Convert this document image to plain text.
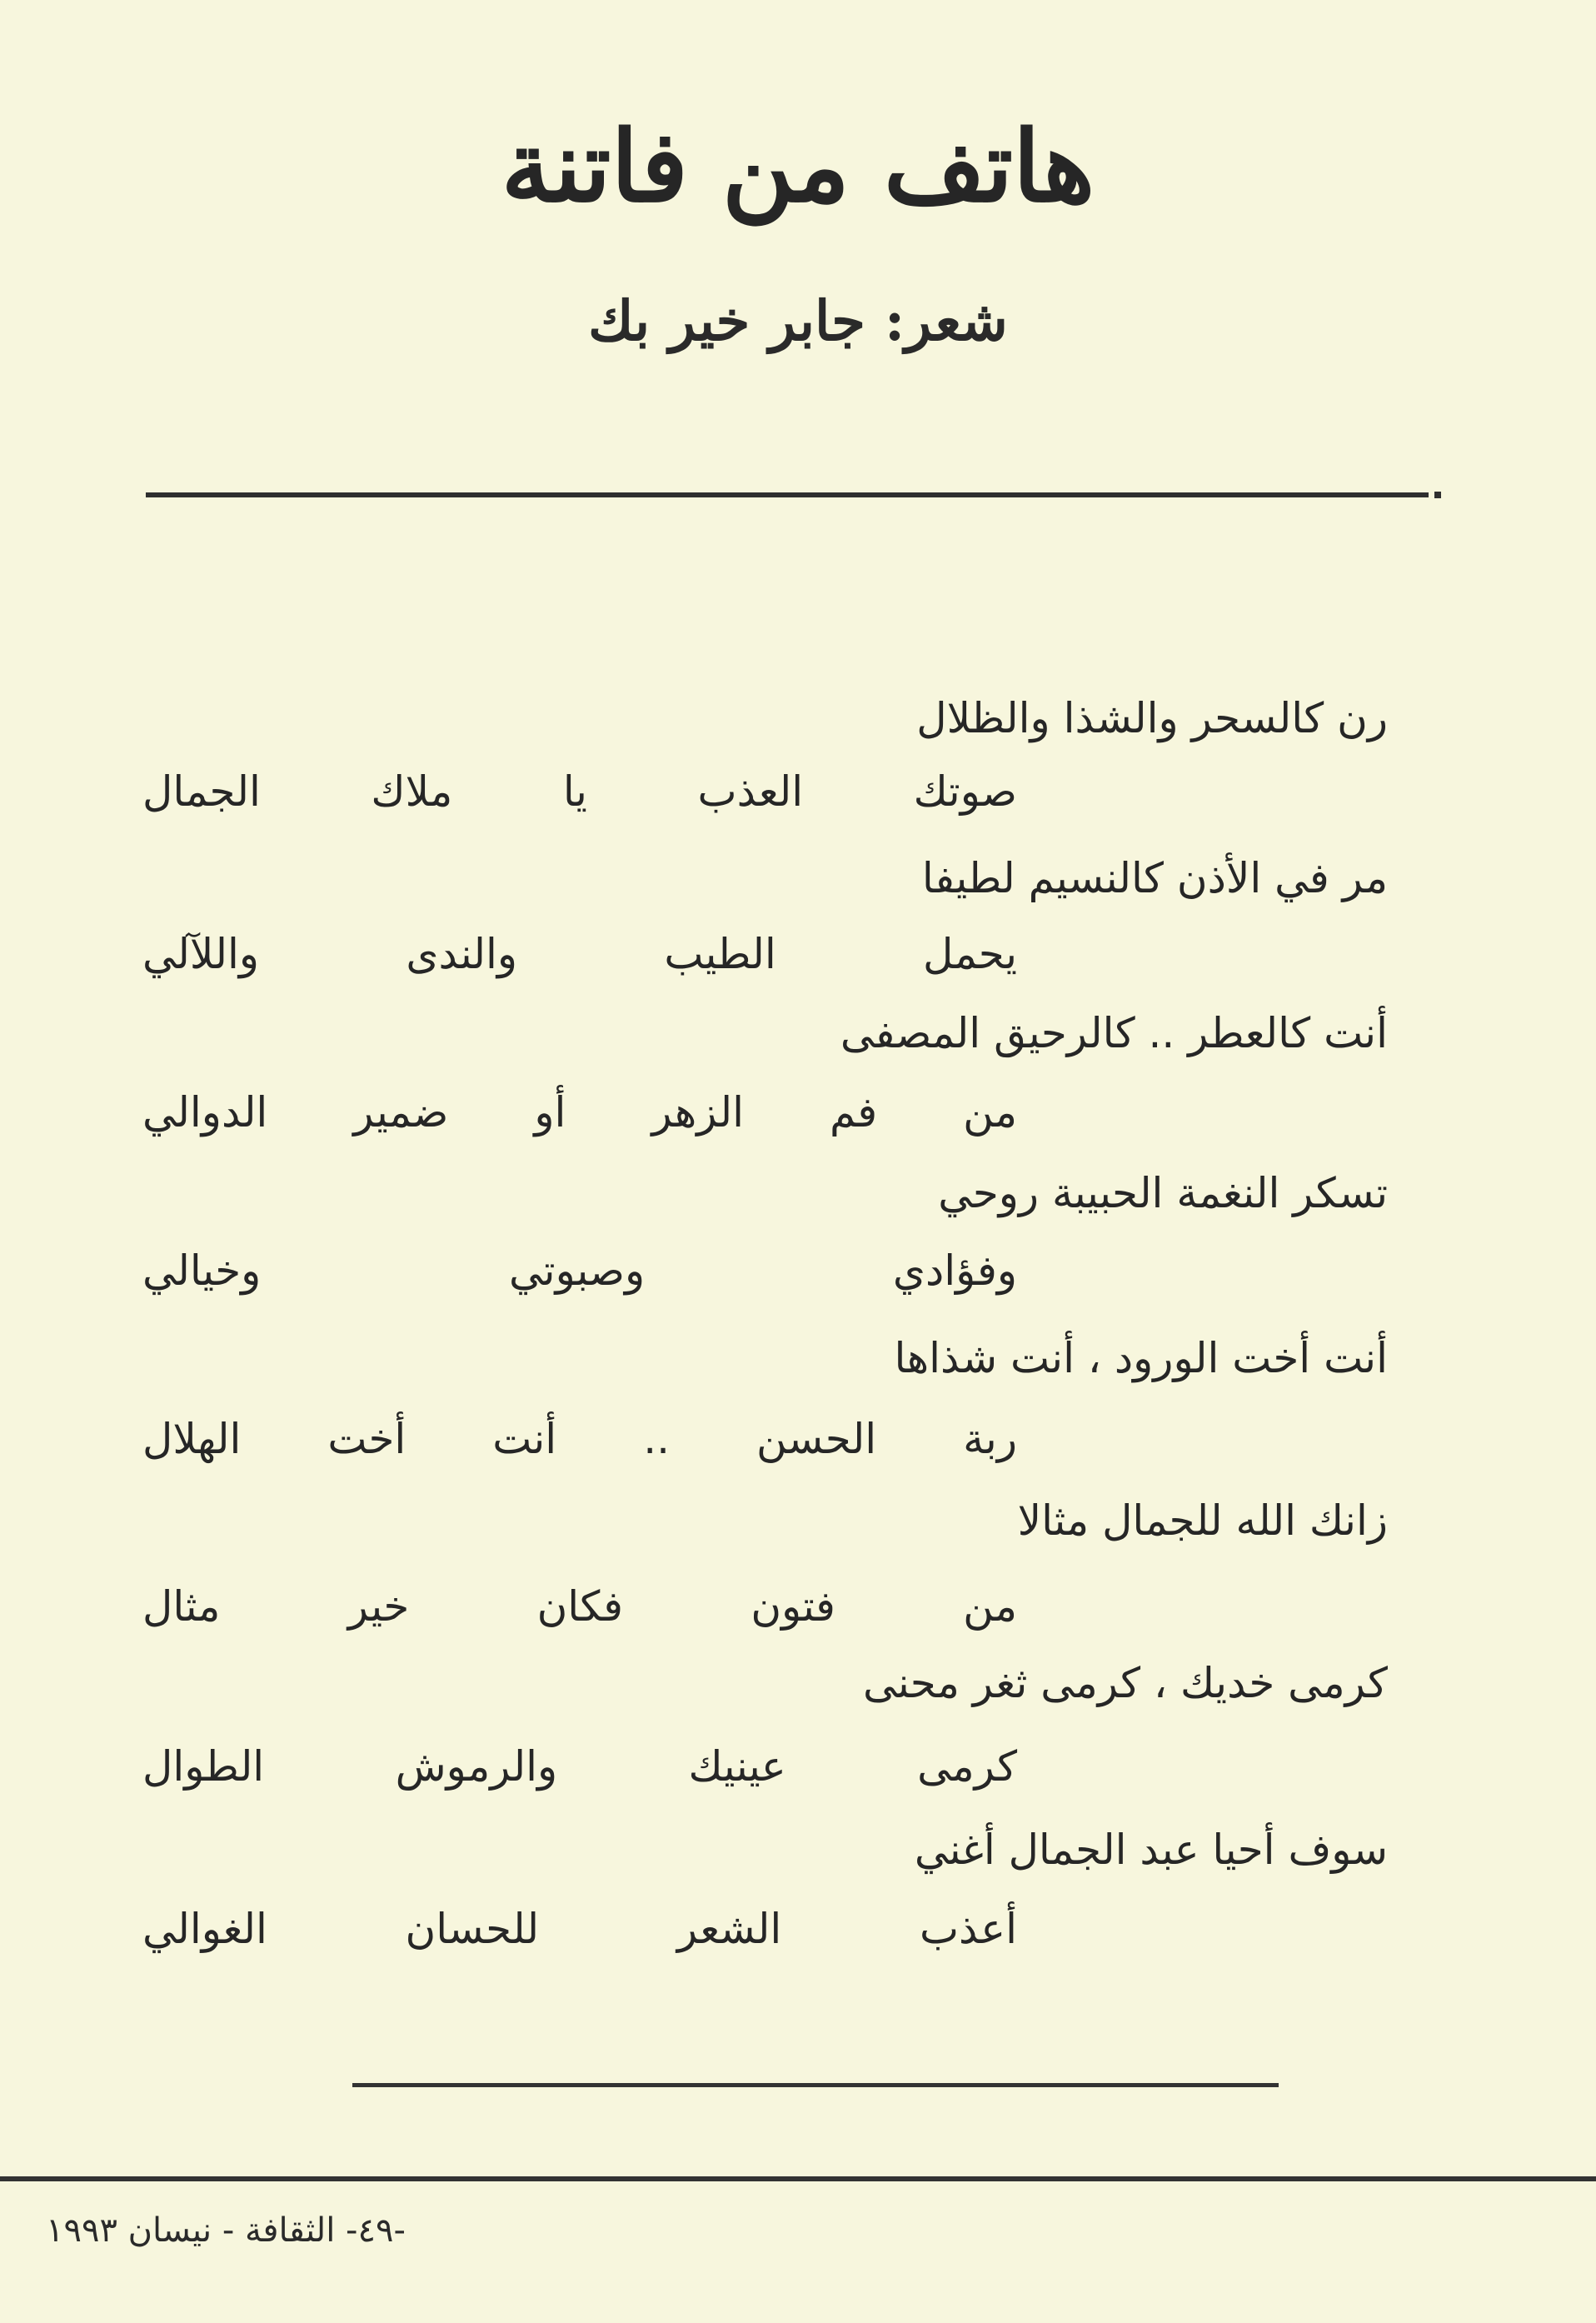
هاتف من فاتنة
شعر: جابر خير بك
رن كالسحر والشذا والظلال
صوتك العذب يا ملاك الجمال
مر في الأذن كالنسيم لطيفا
يحمل الطيب والندى واللآلي
أنت كالعطر .. كالرحيق المصفى
من فم الزهر أو ضمير الدوالي
تسكر النغمة الحبيبة روحي
وفؤادي وصبوتي وخيالي
أنت أخت الورود ، أنت شذاها
ربة الحسن .. أنت أخت الهلال
زانك الله للجمال مثالا
من فتون فكان خير مثال
كرمى خديك ، كرمى ثغر محنى
كرمى عينيك والرموش الطوال
سوف أحيا عبد الجمال أغني
أعذب الشعر للحسان الغوالي
-٤٩- الثقافة - نيسان ١٩٩٣
